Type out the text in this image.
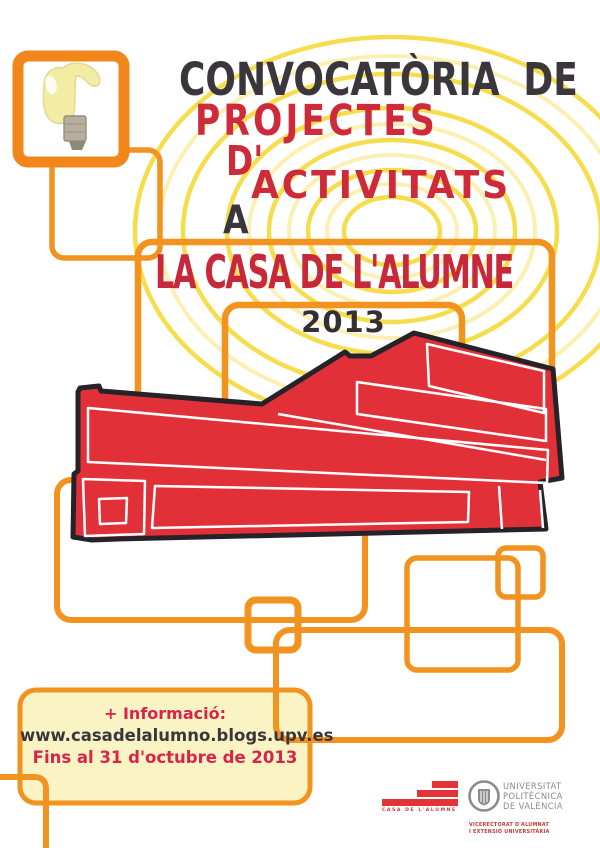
CONVOCATÒRIA DE
PROJECTES
D'
ACTIVITATS
A
LA CASA DE L'ALUMNE
2013
+ Informació:
www.casadelalumno.blogs.upv.es
Fins al 31 d'octubre de 2013
CASA DE L'ALUMNE
UNIVERSITAT
POLITÈCNICA
DE VALÈNCIA
VICERECTORAT D'ALUMNAT
I EXTENSIÓ UNIVERSITÀRIA
